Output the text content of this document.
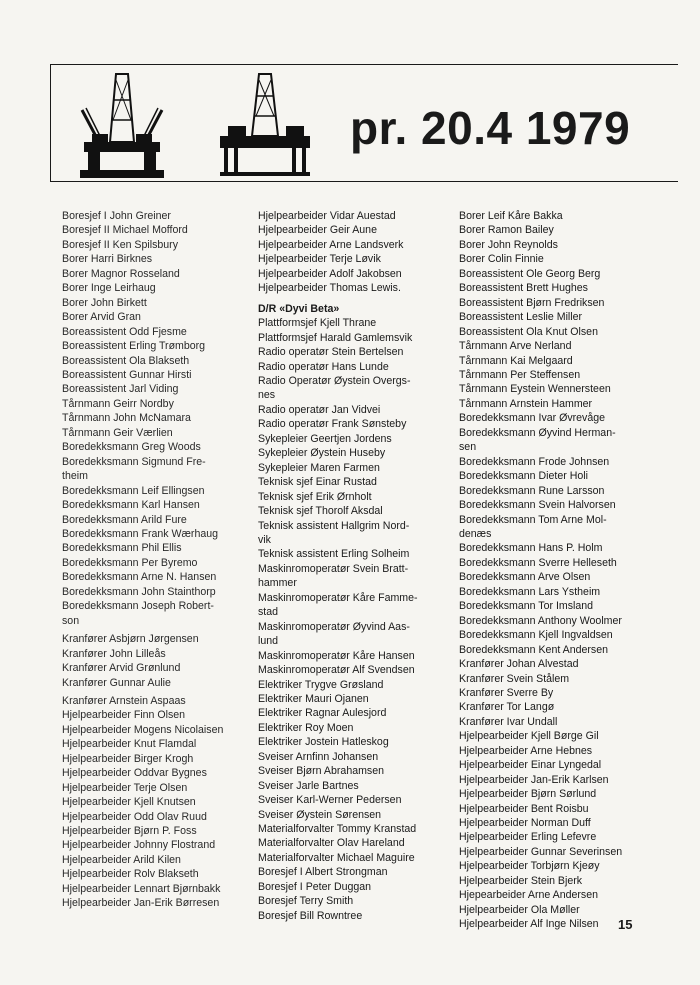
pr. 20.4 1979
Boresjef I John Greiner
Boresjef II Michael Mofford
Boresjef II Ken Spilsbury
Borer Harri Birknes
Borer Magnor Rosseland
Borer Inge Leirhaug
Borer John Birkett
Borer Arvid Gran
Boreassistent Odd Fjesme
Boreassistent Erling Trømborg
Boreassistent Ola Blakseth
Boreassistent Gunnar Hirsti
Boreassistent Jarl Viding
Tårnmann Geirr Nordby
Tårnmann John McNamara
Tårnmann Geir Værlien
Boredekksmann Greg Woods
Boredekksmann Sigmund Fre-
theim
Boredekksmann Leif Ellingsen
Boredekksmann Karl Hansen
Boredekksmann Arild Fure
Boredekksmann Frank Wærhaug
Boredekksmann Phil Ellis
Boredekksmann Per Byremo
Boredekksmann Arne N. Hansen
Boredekksmann John Stainthorp
Boredekksmann Joseph Robert-
son
Kranfører Asbjørn Jørgensen
Kranfører John Lilleås
Kranfører Arvid Grønlund
Kranfører Gunnar Aulie
Kranfører Arnstein Aspaas
Hjelpearbeider Finn Olsen
Hjelpearbeider Mogens Nicolaisen
Hjelpearbeider Knut Flamdal
Hjelpearbeider Birger Krogh
Hjelpearbeider Oddvar Bygnes
Hjelpearbeider Terje Olsen
Hjelpearbeider Kjell Knutsen
Hjelpearbeider Odd Olav Ruud
Hjelpearbeider Bjørn P. Foss
Hjelpearbeider Johnny Flostrand
Hjelpearbeider Arild Kilen
Hjelpearbeider Rolv Blakseth
Hjelpearbeider Lennart Bjørnbakk
Hjelpearbeider Jan-Erik Børresen
Hjelpearbeider Vidar Auestad
Hjelpearbeider Geir Aune
Hjelpearbeider Arne Landsverk
Hjelpearbeider Terje Løvik
Hjelpearbeider Adolf Jakobsen
Hjelpearbeider Thomas Lewis.
D/R «Dyvi Beta»
Plattformsjef Kjell Thrane
Plattformsjef Harald Gamlemsvik
Radio operatør Stein Bertelsen
Radio operatør Hans Lunde
Radio Operatør Øystein Overgs-
nes
Radio operatør Jan Vidvei
Radio operatør Frank Sønsteby
Sykepleier Geertjen Jordens
Sykepleier Øystein Huseby
Sykepleier Maren Farmen
Teknisk sjef Einar Rustad
Teknisk sjef Erik Ørnholt
Teknisk sjef Thorolf Aksdal
Teknisk assistent Hallgrim Nord-
vik
Teknisk assistent Erling Solheim
Maskinromoperatør Svein Bratt-
hammer
Maskinromoperatør Kåre Famme-
stad
Maskinromoperatør Øyvind Aas-
lund
Maskinromoperatør Kåre Hansen
Maskinromoperatør Alf Svendsen
Elektriker Trygve Grøsland
Elektriker Mauri Ojanen
Elektriker Ragnar Aulesjord
Elektriker Roy Moen
Elektriker Jostein Hatleskog
Sveiser Arnfinn Johansen
Sveiser Bjørn Abrahamsen
Sveiser Jarle Bartnes
Sveiser Karl-Werner Pedersen
Sveiser Øystein Sørensen
Materialforvalter Tommy Kranstad
Materialforvalter Olav Hareland
Materialforvalter Michael Maguire
Boresjef I Albert Strongman
Boresjef I Peter Duggan
Boresjef Terry Smith
Boresjef Bill Rowntree
Borer Leif Kåre Bakka
Borer Ramon Bailey
Borer John Reynolds
Borer Colin Finnie
Boreassistent Ole Georg Berg
Boreassistent Brett Hughes
Boreassistent Bjørn Fredriksen
Boreassistent Leslie Miller
Boreassistent Ola Knut Olsen
Tårnmann Arve Nerland
Tårnmann Kai Melgaard
Tårnmann Per Steffensen
Tårnmann Eystein Wennersteen
Tårnmann Arnstein Hammer
Boredekksmann Ivar Øvrevåge
Boredekksmann Øyvind Herman-
sen
Boredekksmann Frode Johnsen
Boredekksmann Dieter Holi
Boredekksmann Rune Larsson
Boredekksmann Svein Halvorsen
Boredekksmann Tom Arne Mol-
denæs
Boredekksmann Hans P. Holm
Boredekksmann Sverre Helleseth
Boredekksmann Arve Olsen
Boredekksmann Lars Ystheim
Boredekksmann Tor Imsland
Boredekksmann Anthony Woolmer
Boredekksmann Kjell Ingvaldsen
Boredekksmann Kent Andersen
Kranfører Johan Alvestad
Kranfører Svein Stålem
Kranfører Sverre By
Kranfører Tor Langø
Kranfører Ivar Undall
Hjelpearbeider Kjell Børge Gil
Hjelpearbeider Arne Hebnes
Hjelpearbeider Einar Lyngedal
Hjelpearbeider Jan-Erik Karlsen
Hjelpearbeider Bjørn Sørlund
Hjelpearbeider Bent Roisbu
Hjelpearbeider Norman Duff
Hjelpearbeider Erling Lefevre
Hjelpearbeider Gunnar Severinsen
Hjelpearbeider Torbjørn Kjeøy
Hjelpearbeider Stein Bjerk
Hjepearbeider Arne Andersen
Hjelpearbeider Ola Møller
Hjelpearbeider Alf Inge Nilsen	15
